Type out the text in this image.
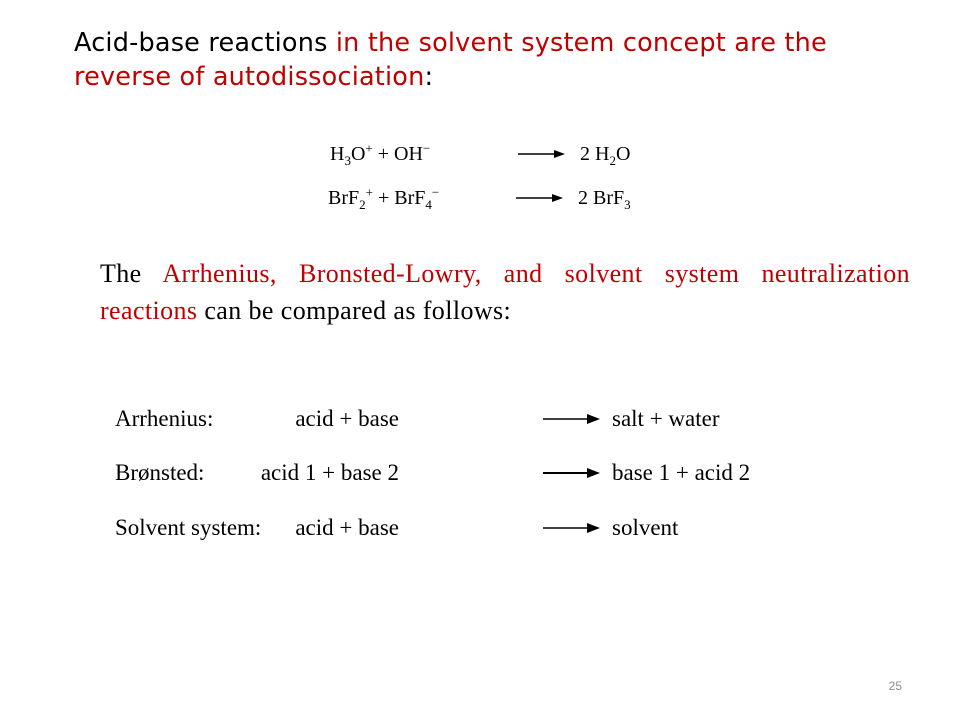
Acid-base reactions in the solvent system concept are the reverse of autodissociation:
$H_3O^+ + OH^-$	→ 2 $H_2O$
BrF$_2$+ + BrF$_4$−	→ 2 BrF$_3$
The Arrhenius, Bronsted-Lowry, and solvent system neutralization reactions can be compared as follows:
Arrhenius:	acid + base	→ salt + water
Brønsted: acid 1 + base 2	→ base 1 + acid 2
Solvent system: acid + base	→ solvent
25
